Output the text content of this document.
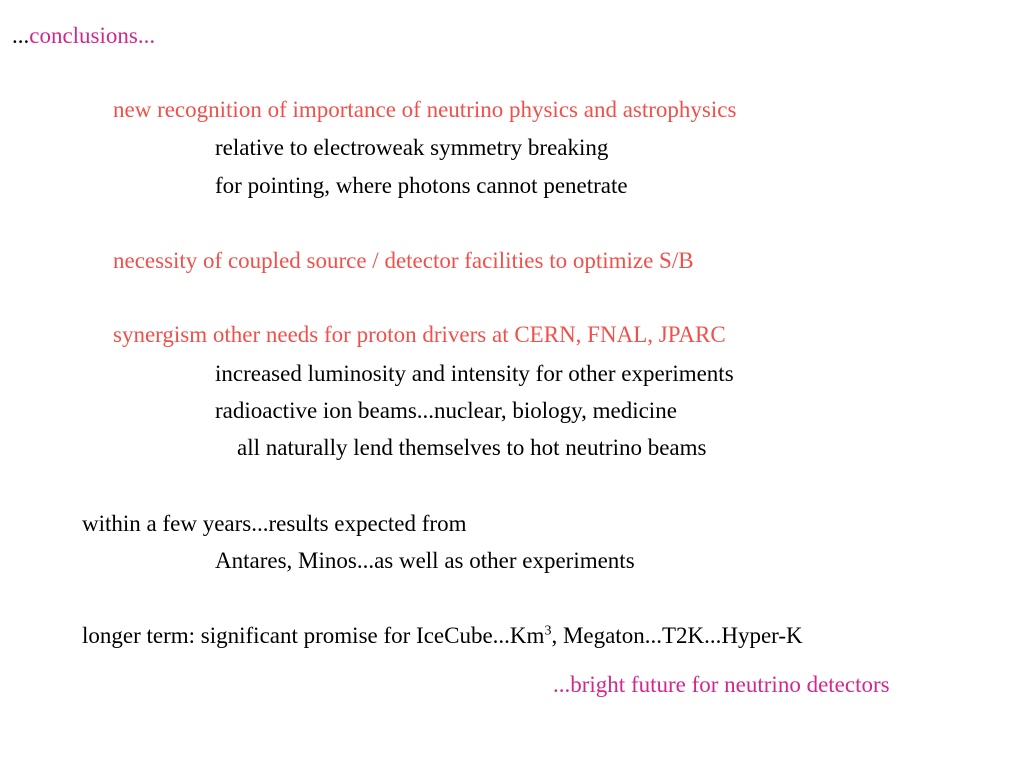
...conclusions...
new recognition of importance of neutrino physics and astrophysics
relative to electroweak symmetry breaking
for pointing, where photons cannot penetrate
necessity of coupled source / detector facilities to optimize S/B
synergism other needs for proton drivers at CERN, FNAL, JPARC
increased luminosity and intensity for other experiments
radioactive ion beams...nuclear, biology, medicine
all naturally lend themselves to hot neutrino beams
within a few years...results expected from
Antares, Minos...as well as other experiments
longer term: significant promise for IceCube...Km$^3$, Megaton...T2K...Hyper-K
...bright future for neutrino detectors
